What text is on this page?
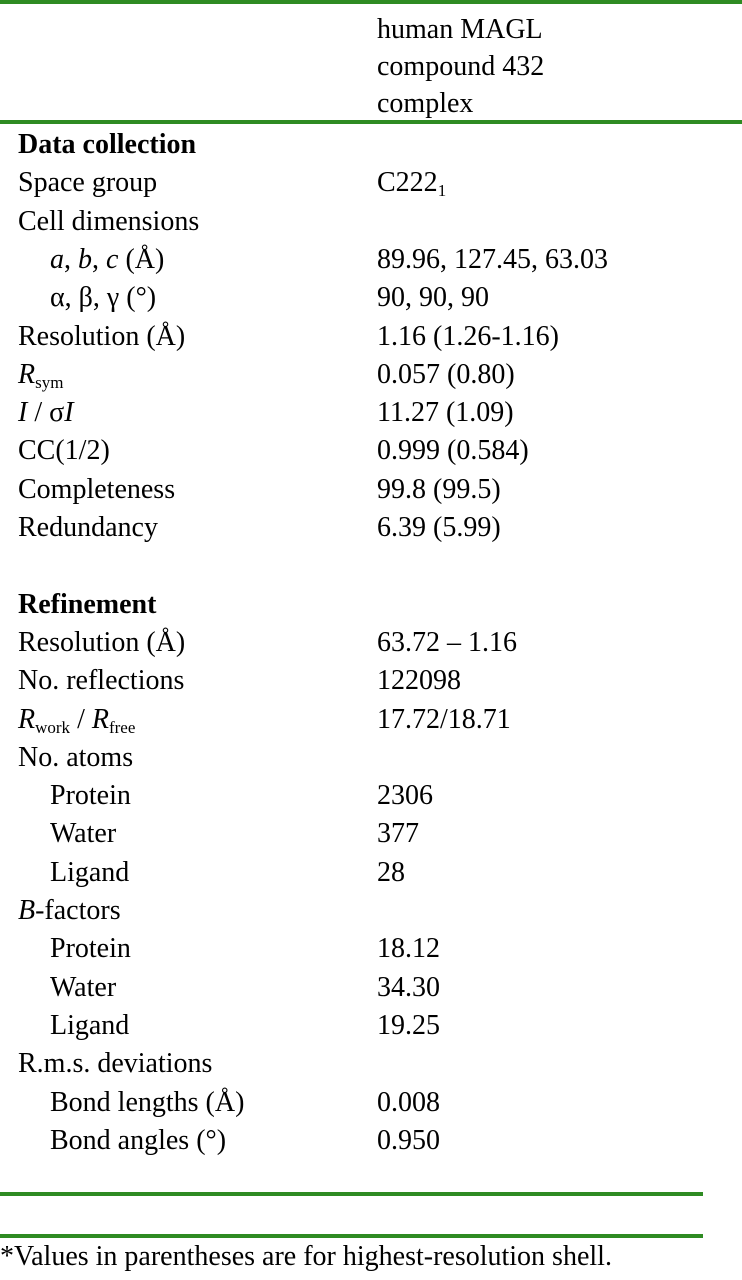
human MAGL
compound 432
complex
Data collection
Space group	$C222_1$
Cell dimensions
a, b, c (Å)	89.96, 127.45, 63.03
α, β, γ (°)	90, 90, 90
Resolution (Å)	1.16 (1.26-1.16)
$R_{sym}$	0.057 (0.80)
I / σI	11.27 (1.09)
CC(1/2)	0.999 (0.584)
Completeness	99.8 (99.5)
Redundancy	6.39 (5.99)
Refinement
Resolution (Å)	63.72 – 1.16
No. reflections	122098
$R_{work} / R_{free}$	17.72/18.71
No. atoms
Protein	2306
Water	377
Ligand	28
B-factors
Protein	18.12
Water	34.30
Ligand	19.25
R.m.s. deviations
Bond lengths (Å)	0.008
Bond angles (°)	0.950
*Values in parentheses are for highest-resolution shell.
